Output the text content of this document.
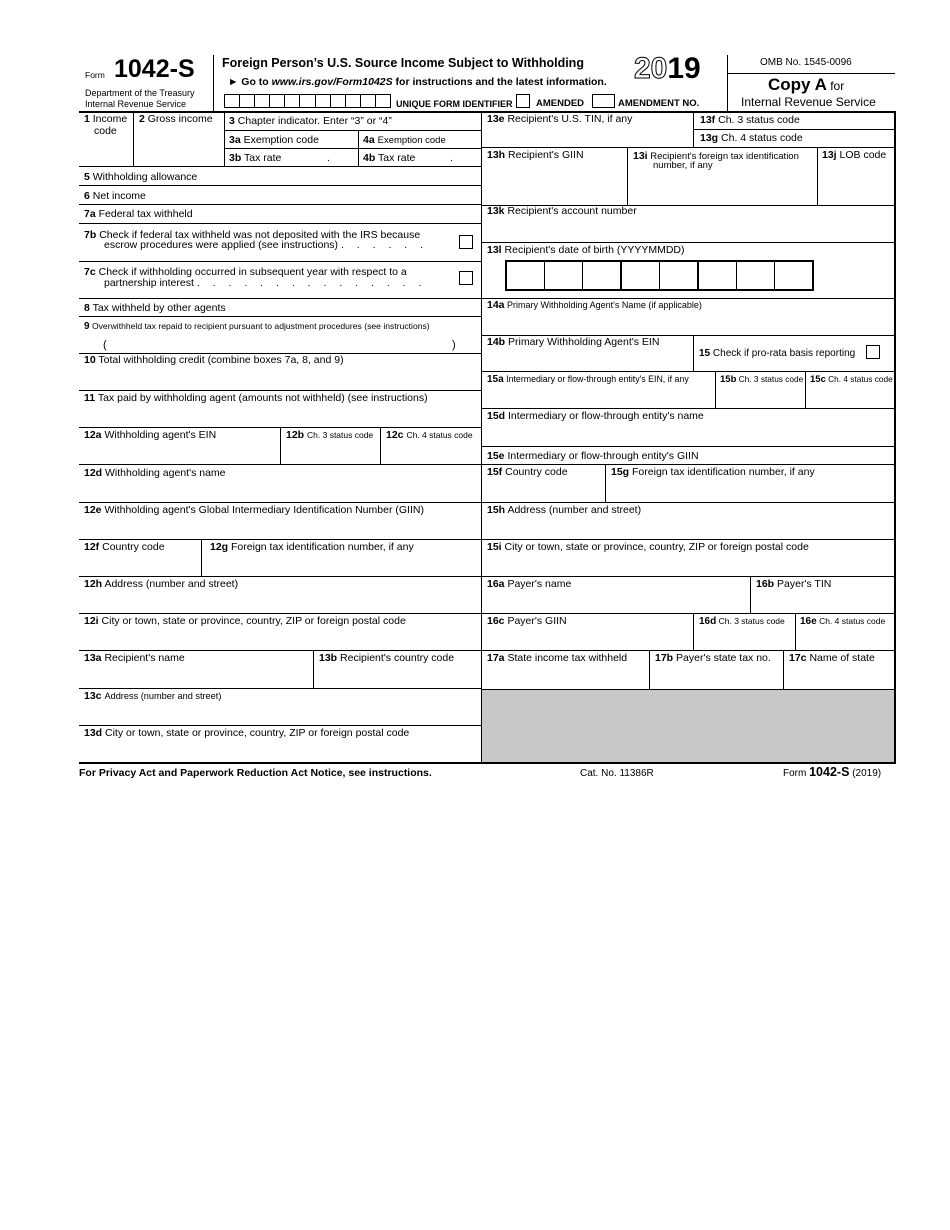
Form 1042-S
Department of the Treasury
Internal Revenue Service
Foreign Person’s U.S. Source Income Subject to Withholding
► Go to www.irs.gov/Form1042S for instructions and the latest information. 2019	OMB No. 1545-0096
Copy A for
Internal Revenue Service
UNIQUE FORM IDENTIFIER AMENDED	AMENDMENT NO.
1 Income
code
2 Gross income 3 Chapter indicator. Enter “3” or “4”
3a Exemption code	4a Exemption code
3b Tax rate	.	4b Tax rate	.
5 Withholding allowance
6 Net income
7a Federal tax withheld
7b Check if federal tax withheld was not deposited with the IRS because
escrow procedures were applied (see instructions) . . . . . .
7c Check if withholding occurred in subsequent year with respect to a
partnership interest . . . . . . . . . . . . . . .
8 Tax withheld by other agents
9 Overwithheld tax repaid to recipient pursuant to adjustment procedures (see instructions)
(	)
10 Total withholding credit (combine boxes 7a, 8, and 9)
11 Tax paid by withholding agent (amounts not withheld) (see instructions)
12a Withholding agent's EIN	12b Ch. 3 status code 12c Ch. 4 status code
12d Withholding agent's name
12e Withholding agent's Global Intermediary Identification Number (GIIN)
12f Country code	12g Foreign tax identification number, if any
12h Address (number and street)
12i City or town, state or province, country, ZIP or foreign postal code
13a Recipient's name	13b Recipient's country code
13c Address (number and street)
13d City or town, state or province, country, ZIP or foreign postal code
13e Recipient's U.S. TIN, if any	13f Ch. 3 status code
13g Ch. 4 status code
13h Recipient's GIIN	13i Recipient's foreign tax identification
number, if any
13j LOB code
13k Recipient's account number
13l Recipient's date of birth (YYYYMMDD)
14a Primary Withholding Agent's Name (if applicable)
14b Primary Withholding Agent's EIN
15 Check if pro-rata basis reporting
15a Intermediary or flow-through entity's EIN, if any	15b Ch. 3 status code 15c Ch. 4 status code
15d Intermediary or flow-through entity's name
15e Intermediary or flow-through entity's GIIN
15f Country code	15g Foreign tax identification number, if any
15h Address (number and street)
15i City or town, state or province, country, ZIP or foreign postal code
16a Payer's name	16b Payer's TIN
16c Payer's GIIN	16d Ch. 3 status code 16e Ch. 4 status code
17a State income tax withheld	17b Payer's state tax no. 17c Name of state
For Privacy Act and Paperwork Reduction Act Notice, see instructions.	Cat. No. 11386R	Form 1042-S (2019)
